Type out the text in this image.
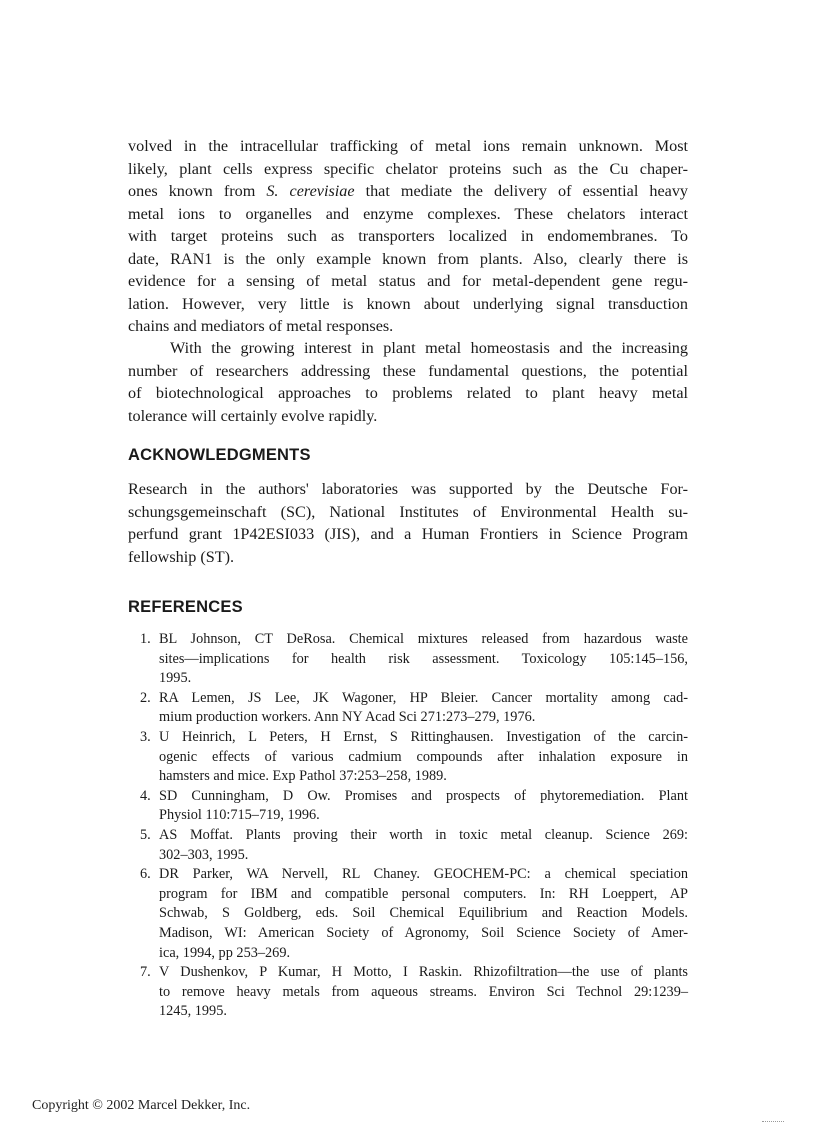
volved in the intracellular trafficking of metal ions remain unknown. Most
likely, plant cells express specific chelator proteins such as the Cu chaper-
ones known from S. cerevisiae that mediate the delivery of essential heavy
metal ions to organelles and enzyme complexes. These chelators interact
with target proteins such as transporters localized in endomembranes. To
date, RAN1 is the only example known from plants. Also, clearly there is
evidence for a sensing of metal status and for metal-dependent gene regu-
lation. However, very little is known about underlying signal transduction
chains and mediators of metal responses.
With the growing interest in plant metal homeostasis and the increasing
number of researchers addressing these fundamental questions, the potential
of biotechnological approaches to problems related to plant heavy metal
tolerance will certainly evolve rapidly.
ACKNOWLEDGMENTS
Research in the authors' laboratories was supported by the Deutsche For-
schungsgemeinschaft (SC), National Institutes of Environmental Health su-
perfund grant 1P42ESI033 (JIS), and a Human Frontiers in Science Program
fellowship (ST).
REFERENCES
1. BL Johnson, CT DeRosa. Chemical mixtures released from hazardous waste
sites—implications for health risk assessment. Toxicology 105:145–156,
1995.
2. RA Lemen, JS Lee, JK Wagoner, HP Bleier. Cancer mortality among cad-
mium production workers. Ann NY Acad Sci 271:273–279, 1976.
3. U Heinrich, L Peters, H Ernst, S Rittinghausen. Investigation of the carcin-
ogenic effects of various cadmium compounds after inhalation exposure in
hamsters and mice. Exp Pathol 37:253–258, 1989.
4. SD Cunningham, D Ow. Promises and prospects of phytoremediation. Plant
Physiol 110:715–719, 1996.
5. AS Moffat. Plants proving their worth in toxic metal cleanup. Science 269:
302–303, 1995.
6. DR Parker, WA Nervell, RL Chaney. GEOCHEM-PC: a chemical speciation
program for IBM and compatible personal computers. In: RH Loeppert, AP
Schwab, S Goldberg, eds. Soil Chemical Equilibrium and Reaction Models.
Madison, WI: American Society of Agronomy, Soil Science Society of Amer-
ica, 1994, pp 253–269.
7. V Dushenkov, P Kumar, H Motto, I Raskin. Rhizofiltration—the use of plants
to remove heavy metals from aqueous streams. Environ Sci Technol 29:1239–
1245, 1995.
Copyright © 2002 Marcel Dekker, Inc.
